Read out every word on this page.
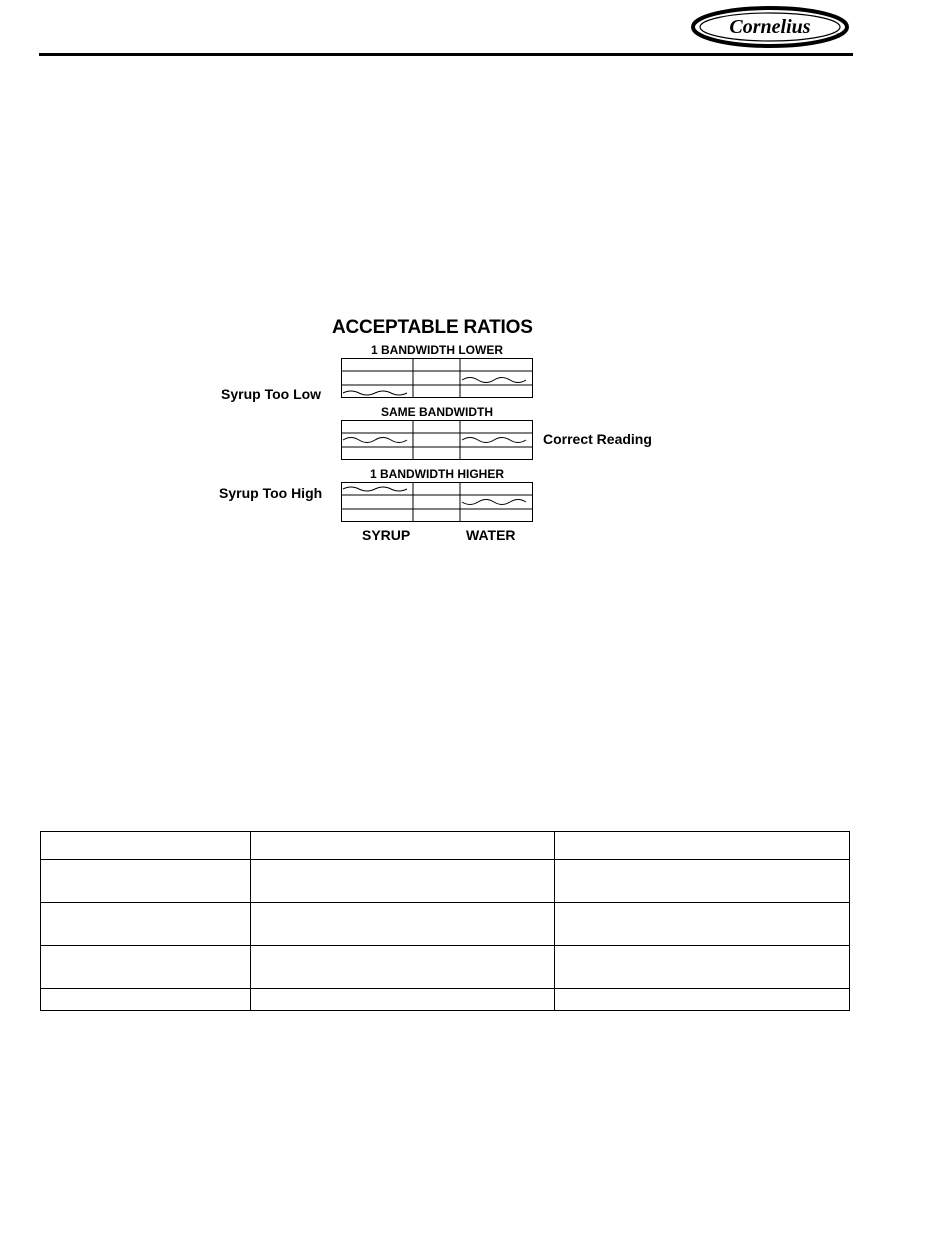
Cornelius	®
ACCEPTABLE RATIOS
1 BANDWIDTH LOWER
SAME BANDWIDTH
1 BANDWIDTH HIGHER
Syrup Too Low
Correct Reading
Syrup Too High
SYRUP	WATER
